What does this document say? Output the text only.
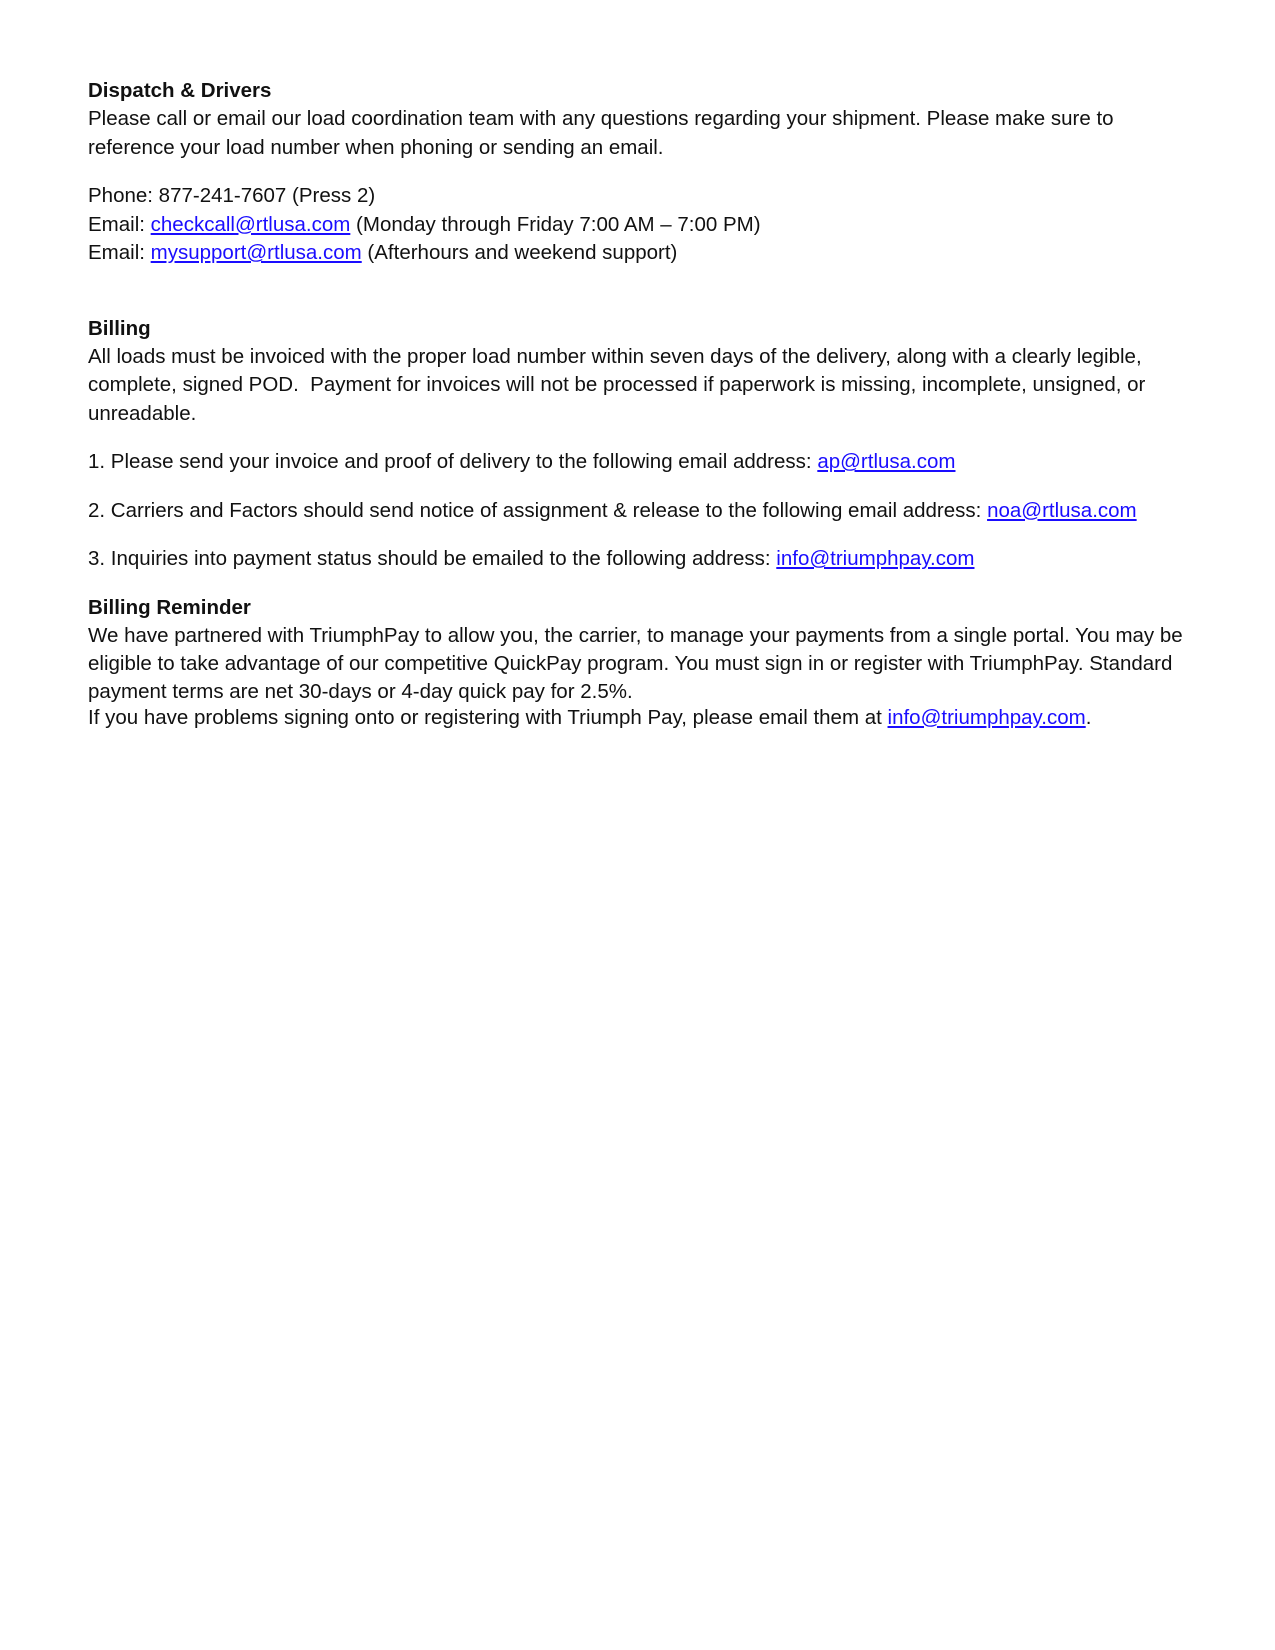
Dispatch & Drivers

Please call or email our load coordination team with any questions regarding your shipment. Please make sure to reference your load number when phoning or sending an email.

Phone: 877-241-7607 (Press 2)

Email: checkcall@rtlusa.com (Monday through Friday 7:00 AM – 7:00 PM)

Email: mysupport@rtlusa.com (Afterhours and weekend support)

Billing

All loads must be invoiced with the proper load number within seven days of the delivery, along with a clearly legible, complete, signed POD.  Payment for invoices will not be processed if paperwork is missing, incomplete, unsigned, or unreadable.

1. Please send your invoice and proof of delivery to the following email address: ap@rtlusa.com

2. Carriers and Factors should send notice of assignment & release to the following email address: noa@rtlusa.com

3. Inquiries into payment status should be emailed to the following address: info@triumphpay.com

Billing Reminder

We have partnered with TriumphPay to allow you, the carrier, to manage your payments from a single portal. You may be eligible to take advantage of our competitive QuickPay program. You must sign in or register with TriumphPay. Standard payment terms are net 30-days or 4-day quick pay for 2.5%.

If you have problems signing onto or registering with Triumph Pay, please email them at info@triumphpay.com.
